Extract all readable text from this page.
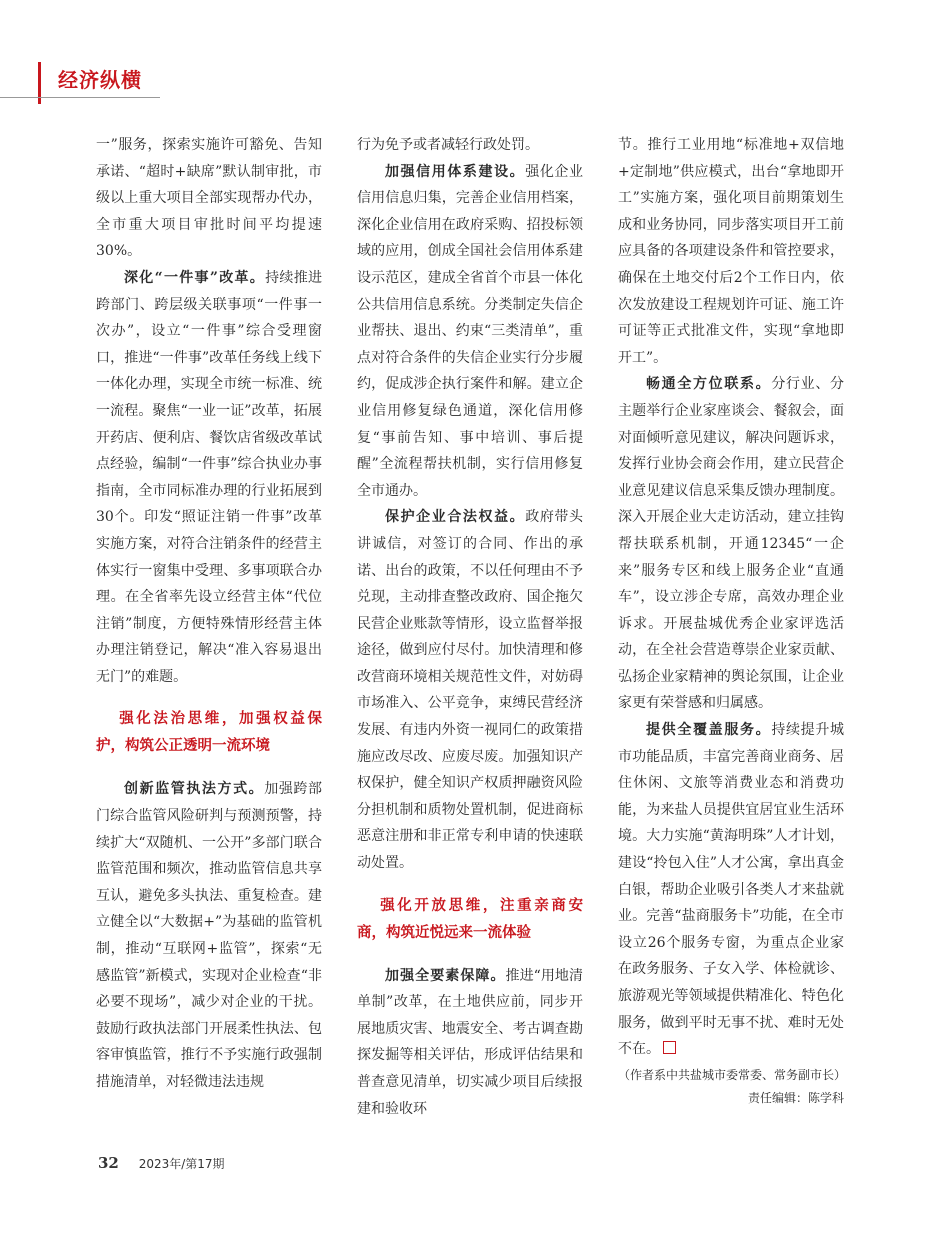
经济纵横

一”服务，探索实施许可豁免、告知承诺、“超时+缺席”默认制审批，市级以上重大项目全部实现帮办代办，全市重大项目审批时间平均提速30%。

深化“一件事”改革。持续推进跨部门、跨层级关联事项“一件事一次办”，设立“一件事”综合受理窗口，推进“一件事”改革任务线上线下一体化办理，实现全市统一标准、统一流程。聚焦“一业一证”改革，拓展开药店、便利店、餐饮店省级改革试点经验，编制“一件事”综合执业办事指南，全市同标准办理的行业拓展到30个。印发“照证注销一件事”改革实施方案，对符合注销条件的经营主体实行一窗集中受理、多事项联合办理。在全省率先设立经营主体“代位注销”制度，方便特殊情形经营主体办理注销登记，解决“准入容易退出无门”的难题。

强化法治思维，加强权益保护，构筑公正透明一流环境

创新监管执法方式。加强跨部门综合监管风险研判与预测预警，持续扩大“双随机、一公开”多部门联合监管范围和频次，推动监管信息共享互认，避免多头执法、重复检查。建立健全以“大数据+”为基础的监管机制，推动“互联网+监管”，探索“无感监管”新模式，实现对企业检查“非必要不现场”，减少对企业的干扰。鼓励行政执法部门开展柔性执法、包容审慎监管，推行不予实施行政强制措施清单，对轻微违法违规

行为免予或者减轻行政处罚。

加强信用体系建设。强化企业信用信息归集，完善企业信用档案，深化企业信用在政府采购、招投标领域的应用，创成全国社会信用体系建设示范区，建成全省首个市县一体化公共信用信息系统。分类制定失信企业帮扶、退出、约束“三类清单”，重点对符合条件的失信企业实行分步履约，促成涉企执行案件和解。建立企业信用修复绿色通道，深化信用修复“事前告知、事中培训、事后提醒”全流程帮扶机制，实行信用修复全市通办。

保护企业合法权益。政府带头讲诚信，对签订的合同、作出的承诺、出台的政策，不以任何理由不予兑现，主动排查整改政府、国企拖欠民营企业账款等情形，设立监督举报途径，做到应付尽付。加快清理和修改营商环境相关规范性文件，对妨碍市场准入、公平竞争，束缚民营经济发展、有违内外资一视同仁的政策措施应改尽改、应废尽废。加强知识产权保护，健全知识产权质押融资风险分担机制和质物处置机制，促进商标恶意注册和非正常专利申请的快速联动处置。

强化开放思维，注重亲商安商，构筑近悦远来一流体验

加强全要素保障。推进“用地清单制”改革，在土地供应前，同步开展地质灾害、地震安全、考古调查勘探发掘等相关评估，形成评估结果和普查意见清单，切实减少项目后续报建和验收环

节。推行工业用地“标准地+双信地+定制地”供应模式，出台“拿地即开工”实施方案，强化项目前期策划生成和业务协同，同步落实项目开工前应具备的各项建设条件和管控要求，确保在土地交付后2个工作日内，依次发放建设工程规划许可证、施工许可证等正式批准文件，实现“拿地即开工”。

畅通全方位联系。分行业、分主题举行企业家座谈会、餐叙会，面对面倾听意见建议，解决问题诉求，发挥行业协会商会作用，建立民营企业意见建议信息采集反馈办理制度。深入开展企业大走访活动，建立挂钩帮扶联系机制，开通12345“一企来”服务专区和线上服务企业“直通车”，设立涉企专席，高效办理企业诉求。开展盐城优秀企业家评选活动，在全社会营造尊崇企业家贡献、弘扬企业家精神的舆论氛围，让企业家更有荣誉感和归属感。

提供全覆盖服务。持续提升城市功能品质，丰富完善商业商务、居住休闲、文旅等消费业态和消费功能，为来盐人员提供宜居宜业生活环境。大力实施“黄海明珠”人才计划，建设“拎包入住”人才公寓，拿出真金白银，帮助企业吸引各类人才来盐就业。完善“盐商服务卡”功能，在全市设立26个服务专窗，为重点企业家在政务服务、子女入学、体检就诊、旅游观光等领域提供精准化、特色化服务，做到平时无事不扰、难时无处不在。

（作者系中共盐城市委常委、常务副市长）

责任编辑：陈学科

32 2023年/第17期
